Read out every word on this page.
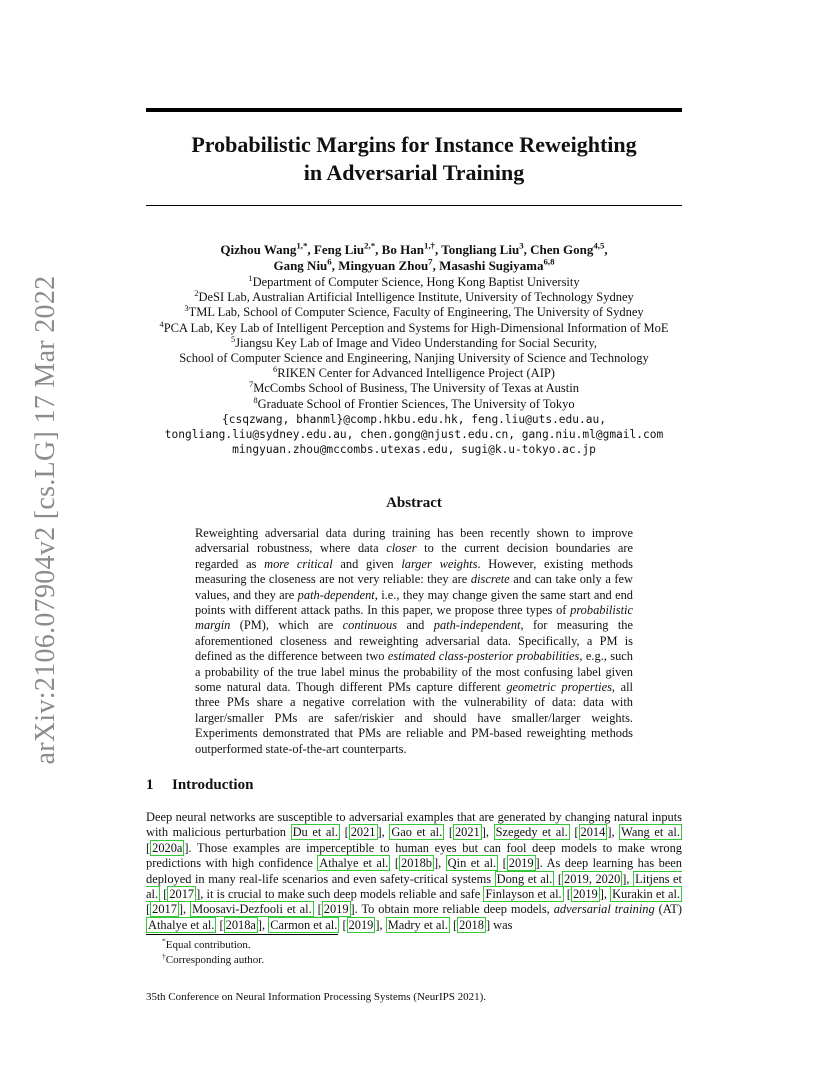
arXiv:2106.07904v2 [cs.LG] 17 Mar 2022
Probabilistic Margins for Instance Reweighting
in Adversarial Training
Qizhou Wang$^{1,*}$, Feng Liu$^{2,*}$, Bo Han$^{1,\dagger}$, Tongliang Liu$^3$, Chen Gong$^{4,5}$,
Gang Niu$^6$, Mingyuan Zhou$^7$, Masashi Sugiyama$^{6,8}$
$^1$Department of Computer Science, Hong Kong Baptist University
$^2$DeSI Lab, Australian Artificial Intelligence Institute, University of Technology Sydney
$^3$TML Lab, School of Computer Science, Faculty of Engineering, The University of Sydney
$^4$PCA Lab, Key Lab of Intelligent Perception and Systems for High-Dimensional Information of MoE
$^5$Jiangsu Key Lab of Image and Video Understanding for Social Security,
School of Computer Science and Engineering, Nanjing University of Science and Technology
$^6$RIKEN Center for Advanced Intelligence Project (AIP)
$^7$McCombs School of Business, The University of Texas at Austin
$^8$Graduate School of Frontier Sciences, The University of Tokyo
{csqzwang, bhanml}@comp.hkbu.edu.hk, feng.liu@uts.edu.au,
tongliang.liu@sydney.edu.au, chen.gong@njust.edu.cn, gang.niu.ml@gmail.com
mingyuan.zhou@mccombs.utexas.edu, sugi@k.u-tokyo.ac.jp
Abstract
Reweighting adversarial data during training has been recently shown to improve adversarial robustness, where data closer to the current decision boundaries are regarded as more critical and given larger weights. However, existing methods measuring the closeness are not very reliable: they are discrete and can take only a few values, and they are path-dependent, i.e., they may change given the same start and end points with different attack paths. In this paper, we propose three types of probabilistic margin (PM), which are continuous and path-independent, for measuring the aforementioned closeness and reweighting adversarial data. Specifically, a PM is defined as the difference between two estimated class-posterior probabilities, e.g., such a probability of the true label minus the probability of the most confusing label given some natural data. Though different PMs capture different geometric properties, all three PMs share a negative correlation with the vulnerability of data: data with larger/smaller PMs are safer/riskier and should have smaller/larger weights. Experiments demonstrated that PMs are reliable and PM-based reweighting methods outperformed state-of-the-art counterparts.
1 Introduction
Deep neural networks are susceptible to adversarial examples that are generated by changing natural inputs with malicious perturbation Du et al. [ 2021 ], Gao et al. [ 2021 ], Szegedy et al. [ 2014 ], Wang et al. [ 2020a ]. Those examples are imperceptible to human eyes but can fool deep models to make wrong predictions with high confidence Athalye et al. [ 2018b ], Qin et al. [ 2019 ]. As deep learning has been deployed in many real-life scenarios and even safety-critical systems Dong et al. [ 2019, 2020 ], Litjens et al. [ 2017 ], it is crucial to make such deep models reliable and safe Finlayson et al. [ 2019 ], Kurakin et al. [ 2017 ], Moosavi-Dezfooli et al. [ 2019 ]. To obtain more reliable deep models, adversarial training (AT) Athalye et al. [ 2018a ], Carmon et al. [ 2019 ], Madry et al. [ 2018 ] was
*Equal contribution.
†Corresponding author.
35th Conference on Neural Information Processing Systems (NeurIPS 2021).
